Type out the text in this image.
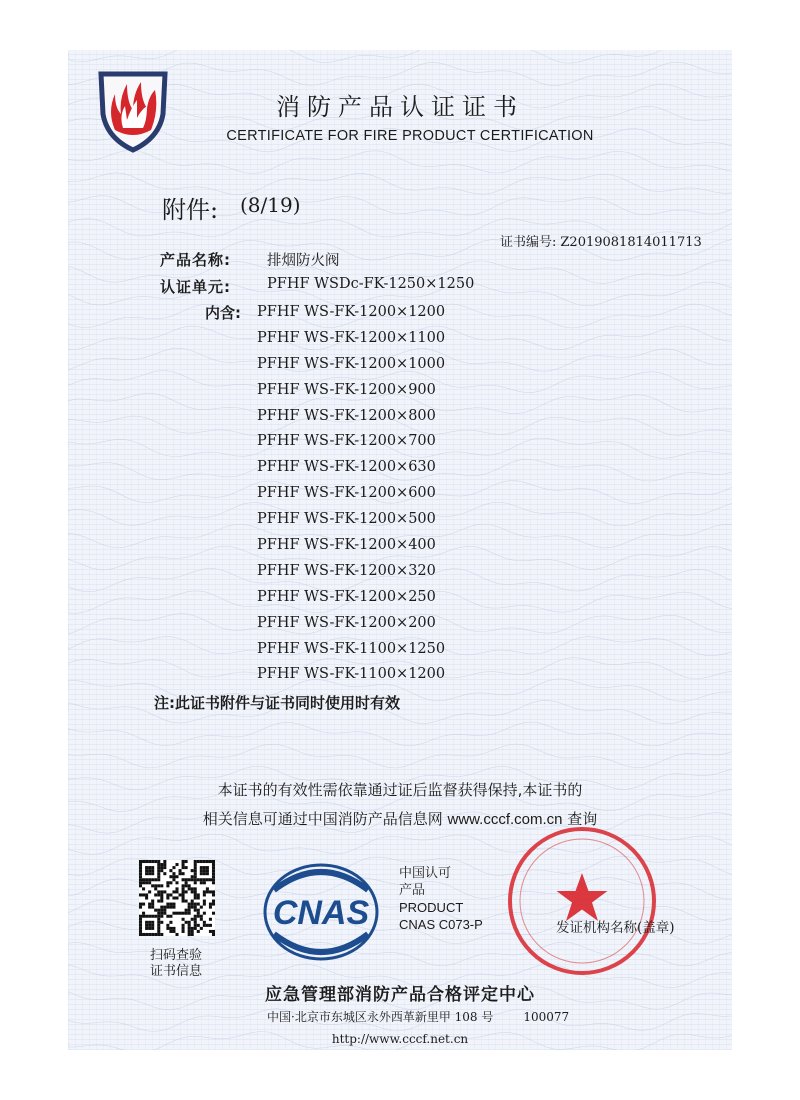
消防产品认证证书
CERTIFICATE FOR FIRE PRODUCT CERTIFICATION
附件: (8/19)
证书编号: Z2019081814011713
产品名称: 排烟防火阀
认证单元: PFHF WSDc-FK-1250×1250
内含: PFHF WS-FK-1200×1200
PFHF WS-FK-1200×1100
PFHF WS-FK-1200×1000
PFHF WS-FK-1200×900
PFHF WS-FK-1200×800
PFHF WS-FK-1200×700
PFHF WS-FK-1200×630
PFHF WS-FK-1200×600
PFHF WS-FK-1200×500
PFHF WS-FK-1200×400
PFHF WS-FK-1200×320
PFHF WS-FK-1200×250
PFHF WS-FK-1200×200
PFHF WS-FK-1100×1250
PFHF WS-FK-1100×1200
注:此证书附件与证书同时使用时有效
本证书的有效性需依靠通过证后监督获得保持,本证书的
相关信息可通过中国消防产品信息网 www.cccf.com.cn 查询
扫码查验
证书信息
CNAS
中国认可
产品
PRODUCT
CNAS C073-P	发证机构名称(盖章)
应急管理部消防产品合格评定中心
中国·北京市东城区永外西革新里甲 108 号	100077
http://www.cccf.net.cn
